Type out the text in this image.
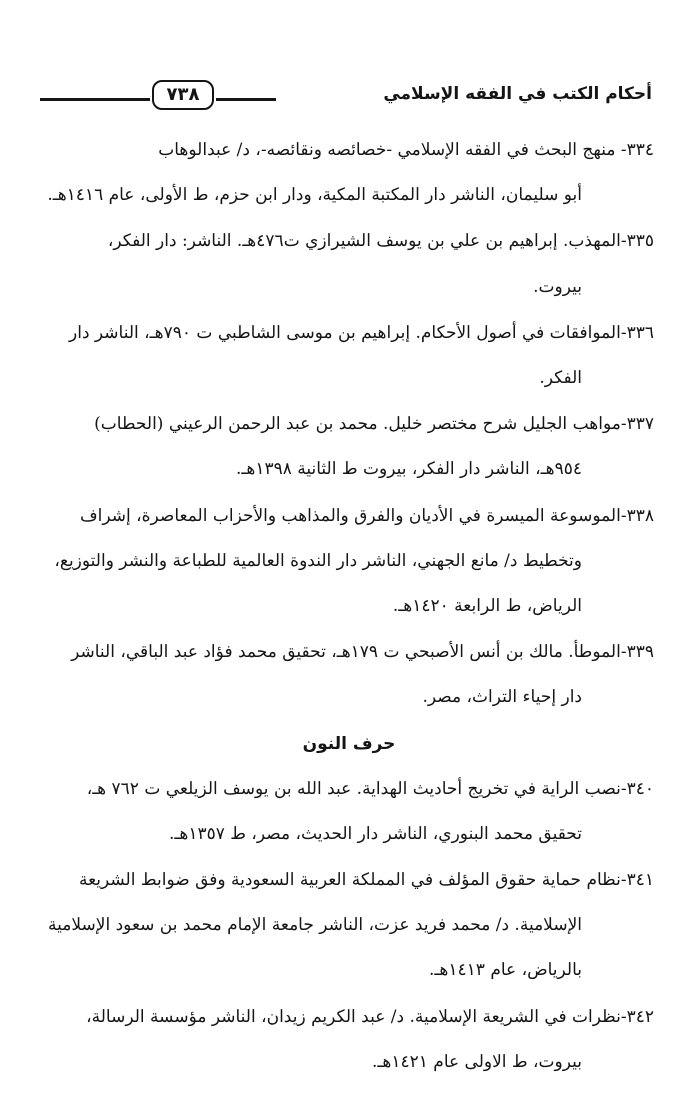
أحكام الكتب في الفقه الإسلامي
٧٣٨
٣٣٤- منهج البحث في الفقه الإسلامي -خصائصه ونقائصه-، د/ عبدالوهاب
أبو سليمان، الناشر دار المكتبة المكية، ودار ابن حزم، ط الأولى، عام ١٤١٦هـ.
٣٣٥-المهذب. إبراهيم بن علي بن يوسف الشيرازي ت٤٧٦هـ. الناشر: دار الفكر،
بيروت.
٣٣٦-الموافقات في أصول الأحكام. إبراهيم بن موسى الشاطبي ت ٧٩٠هـ، الناشر دار
الفكر.
٣٣٧-مواهب الجليل شرح مختصر خليل. محمد بن عبد الرحمن الرعيني (الحطاب)
٩٥٤هـ، الناشر دار الفكر، بيروت ط الثانية ١٣٩٨هـ.
٣٣٨-الموسوعة الميسرة في الأديان والفرق والمذاهب والأحزاب المعاصرة، إشراف
وتخطيط د/ مانع الجهني، الناشر دار الندوة العالمية للطباعة والنشر والتوزيع، الرياض، ط الرابعة ١٤٢٠هـ.
٣٣٩-الموطأ. مالك بن أنس الأصبحي ت ١٧٩هـ، تحقيق محمد فؤاد عبد الباقي، الناشر
دار إحياء التراث، مصر.
حرف النون
٣٤٠-نصب الراية في تخريج أحاديث الهداية. عبد الله بن يوسف الزيلعي ت ٧٦٢ هـ،
تحقيق محمد البنوري، الناشر دار الحديث، مصر، ط ١٣٥٧هـ.
٣٤١-نظام حماية حقوق المؤلف في المملكة العربية السعودية وفق ضوابط الشريعة
الإسلامية. د/ محمد فريد عزت، الناشر جامعة الإمام محمد بن سعود الإسلامية بالرياض، عام ١٤١٣هـ.
٣٤٢-نظرات في الشريعة الإسلامية. د/ عبد الكريم زيدان، الناشر مؤسسة الرسالة،
بيروت، ط الاولى عام ١٤٢١هـ.
